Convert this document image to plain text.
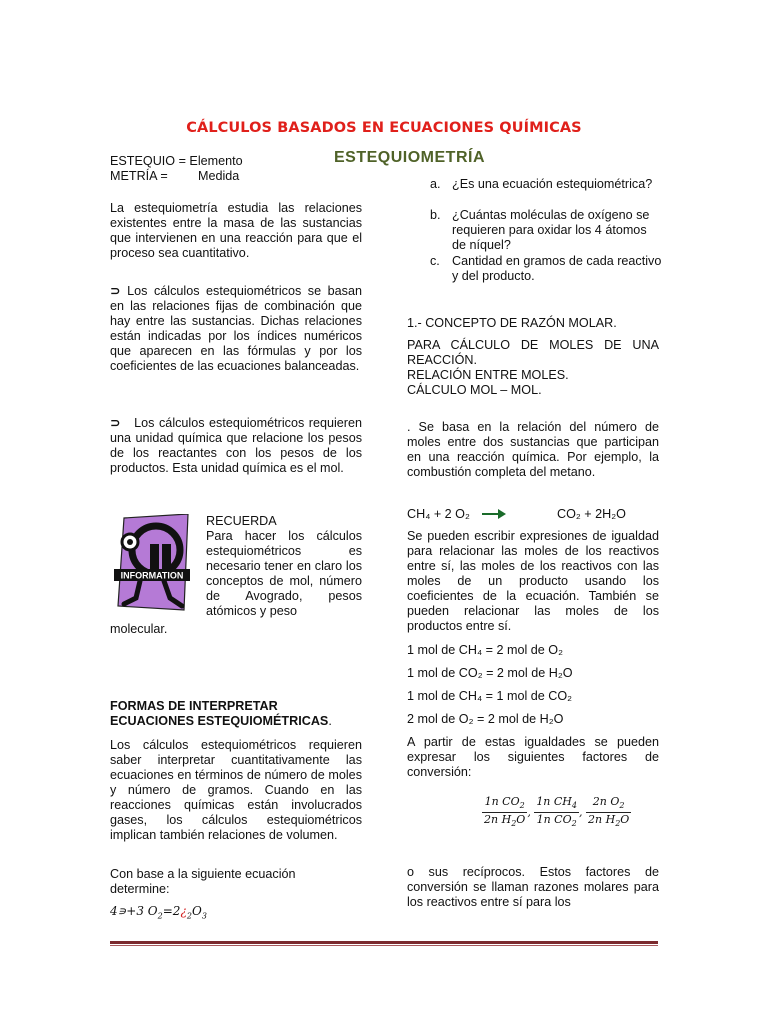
CÁLCULOS BASADOS EN ECUACIONES QUÍMICAS
ESTEQUIOMETRÍA
ESTEQUIO = Elemento
METRÍA = Medida

La estequiometría estudia las relaciones existentes entre la masa de las sustancias que intervienen en una reacción para que el proceso sea cuantitativo.

⊃ Los cálculos estequiométricos se basan en las relaciones fijas de combinación que hay entre las sustancias. Dichas relaciones están indicadas por los índices numéricos que aparecen en las fórmulas y por los coeficientes de las ecuaciones balanceadas.
⊃ Los cálculos estequiométricos requieren una unidad química que relacione los pesos de los reactantes con los pesos de los productos. Esta unidad química es el mol.
INFORMATION
RECUERDA

Para hacer los cálculos estequiométricos es necesario tener en claro los conceptos de mol, número de Avogrado, pesos atómicos y peso

molecular.
FORMAS DE INTERPRETAR ECUACIONES ESTEQUIOMÉTRICAS.

Los cálculos estequiométricos requieren saber interpretar cuantitativamente las ecuaciones en términos de número de moles y número de gramos. Cuando en las reacciones químicas están involucrados gases, los cálculos estequiométricos implican también relaciones de volumen.

Con base a la siguiente ecuación determine:

4∍+3 $O_2=2¿_2O_3$
a. ¿Es una ecuación estequiométrica?
b. ¿Cuántas moléculas de oxígeno se requieren para oxidar los 4 átomos de níquel?
c. Cantidad en gramos de cada reactivo y del producto.
1.- CONCEPTO DE RAZÓN MOLAR.

PARA CÁLCULO DE MOLES DE UNA REACCIÓN.

RELACIÓN ENTRE MOLES.
CÁLCULO MOL – MOL.

. Se basa en la relación del número de moles entre dos sustancias que participan en una reacción química. Por ejemplo, la combustión completa del metano.

CH₄ + 2 O₂ →	CO₂ + 2H₂O

Se pueden escribir expresiones de igualdad para relacionar las moles de los reactivos entre sí, las moles de los reactivos con las moles de un producto usando los coeficientes de la ecuación. También se pueden relacionar las moles de los productos entre sí.

1 mol de CH₄ = 2 mol de O₂
1 mol de CO₂ = 2 mol de H₂O
1 mol de CH₄ = 1 mol de CO₂
2 mol de O₂ = 2 mol de H₂O

A partir de estas igualdades se pueden expresar los siguientes factores de conversión:

$\frac{1n CO_2}{2n H_2O}$ , $\frac{1n CH_4}{1n CO_2}$ , $\frac{2n O_2}{2n H_2O}$

o sus recíprocos. Estos factores de conversión se llaman razones molares para los reactivos entre sí para los
